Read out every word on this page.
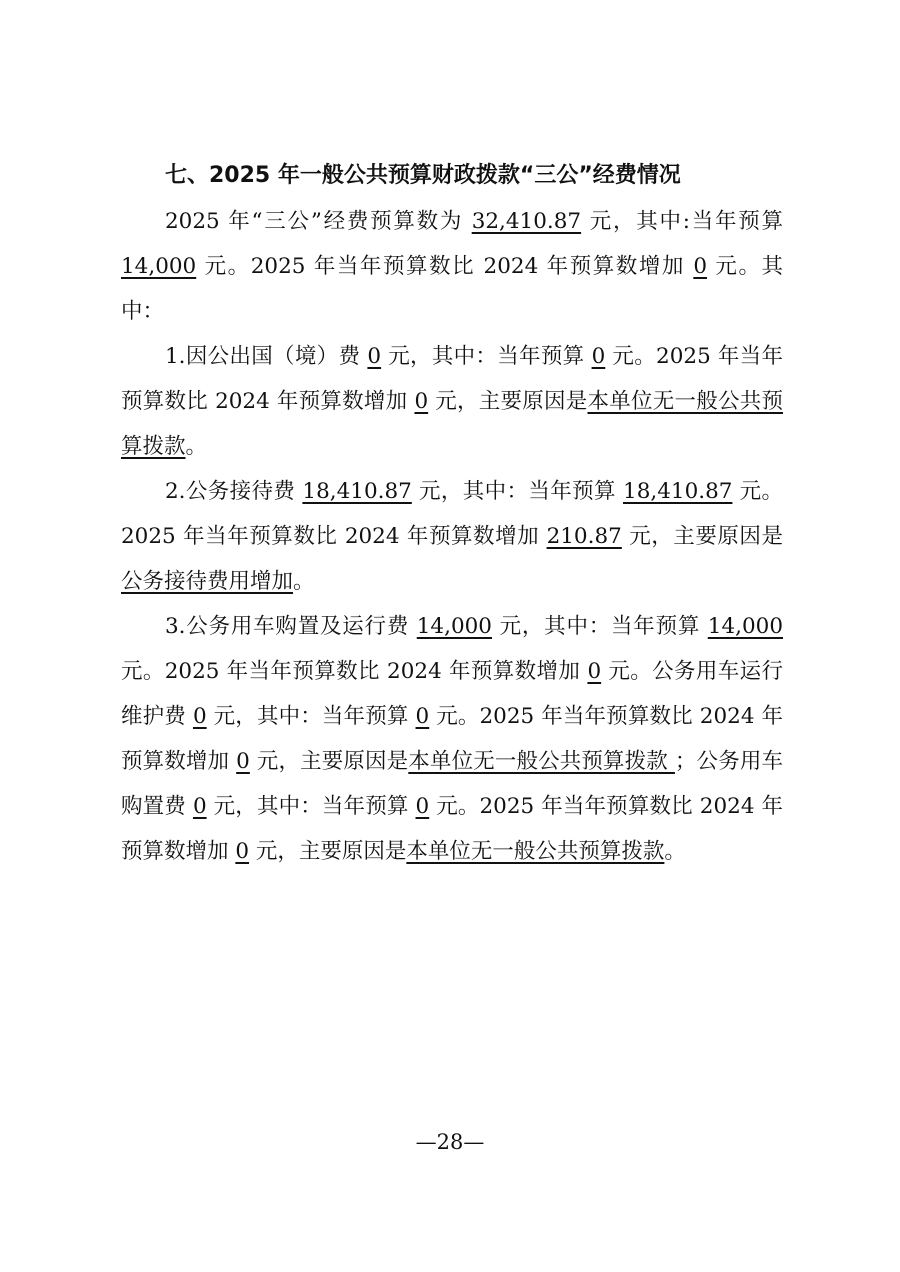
七、2025 年一般公共预算财政拨款“三公”经费情况

2025 年“三公”经费预算数为 32,410.87 元，其中:当年预算 14,000 元。2025 年当年预算数比 2024 年预算数增加 0 元。其中：

1.因公出国（境）费 0 元，其中：当年预算 0 元。2025 年当年预算数比 2024 年预算数增加 0 元，主要原因是本单位无一般公共预算拨款。

2.公务接待费 18,410.87 元，其中：当年预算 18,410.87 元。2025 年当年预算数比 2024 年预算数增加 210.87 元，主要原因是公务接待费用增加。

3.公务用车购置及运行费 14,000 元，其中：当年预算 14,000 元。2025 年当年预算数比 2024 年预算数增加 0 元。公务用车运行维护费 0 元，其中：当年预算 0 元。2025 年当年预算数比 2024 年预算数增加 0 元，主要原因是本单位无一般公共预算拨款 ；公务用车购置费 0 元，其中：当年预算 0 元。2025 年当年预算数比 2024 年预算数增加 0 元，主要原因是本单位无一般公共预算拨款。

—28—
